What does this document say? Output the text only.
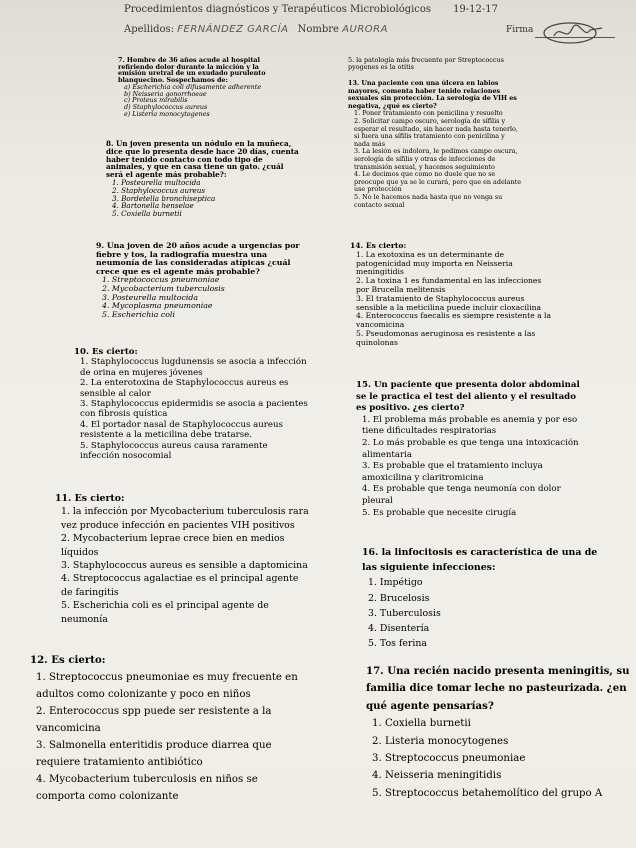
Procedimientos diagnósticos y Terapéuticos Microbiológicos 19-12-17
Apellidos: FERNÁNDEZ GARCÍA Nombre AURORA	Firma
7. Hombre de 36 años acude al hospital
refiriendo dolor durante la micción y la
emisión uretral de un exudado purulento
blanquecino. Sospechamos de:
a) Escherichia coli difusamente adherente
b) Neisseria gonorrhoeae
c) Proteus mirabilis
d) Staphylococcus aureus
e) Listeria monocytogenes
8. Un joven presenta un nódulo en la muñeca,
dice que lo presenta desde hace 20 días, cuenta
haber tenido contacto con todo tipo de
animales, y que en casa tiene un gato. ¿cuál
será el agente más probable?:
1. Posteurella multocida
2. Staphylococcus aureus
3. Bordetella bronchiseptica
4. Bartonella henselae
5. Coxiella burnetii
9. Una joven de 20 años acude a urgencias por
fiebre y tos, la radiografía muestra una
neumonía de las consideradas atípicas ¿cuál
crece que es el agente más probable?
1. Streptococcus pneumoniae
2. Mycobacterium tuberculosis
3. Posteurella multocida
4. Mycoplasma pneumoniae
5. Escherichia coli
10. Es cierto:
1. Staphylococcus lugdunensis se asocia a infección
de orina en mujeres jóvenes
2. La enterotoxina de Staphylococcus aureus es
sensible al calor
3. Staphylococcus epidermidis se asocia a pacientes
con fibrosis quística
4. El portador nasal de Staphylococcus aureus
resistente a la meticilina debe tratarse.
5. Staphylococcus aureus causa raramente
infección nosocomial
11. Es cierto:
1. la infección por Mycobacterium tuberculosis rara
vez produce infección en pacientes VIH positivos
2. Mycobacterium leprae crece bien en medios
líquidos
3. Staphylococcus aureus es sensible a daptomicina
4. Streptococcus agalactiae es el principal agente
de faringitis
5. Escherichia coli es el principal agente de
neumonía
12. Es cierto:
1. Streptococcus pneumoniae es muy frecuente en
adultos como colonizante y poco en niños
2. Enterococcus spp puede ser resistente a la
vancomicina
3. Salmonella enteritidis produce diarrea que
requiere tratamiento antibiótico
4. Mycobacterium tuberculosis en niños se
comporta como colonizante
5. la patología más frecuente por Streptococcus
pyogenes es la otitis
13. Una paciente con una úlcera en labios
mayores, comenta haber tenido relaciones
sexuales sin protección. La serología de VIH es
negativa, ¿qué es cierto?
1. Poner tratamiento con penicilina y resuelto
2. Solicitar campo oscuro, serología de sífilis y
esperar el resultado, sin hacer nada hasta tenerlo,
si fuera una sífilis tratamiento con penicilina y
nada más
3. La lesión es indolora, le pedimos campo oscura,
serología de sífilis y otras de infecciones de
transmisión sexual, y hacemos seguimiento
4. Le decimos que como no duele que no se
preocupe que ya se le curará, pero que en adelante
use protección
5. No le hacemos nada hasta que no venga su
contacto sexual
14. Es cierto:
1. La exotoxina es un determinante de
patogenicidad muy importa en Neisseria
meningitidis
2. La toxina 1 es fundamental en las infecciones
por Brucella melitensis
3. El tratamiento de Staphylococcus aureus
sensible a la meticilina puede incluir cloxacilina
4. Enterococcus faecalis es siempre resistente a la
vancomicina
5. Pseudomonas aeruginosa es resistente a las
quinolonas
15. Un paciente que presenta dolor abdominal
se le practica el test del aliento y el resultado
es positivo. ¿es cierto?
1. El problema más probable es anemia y por eso
tiene dificultades respiratorias
2. Lo más probable es que tenga una intoxicación
alimentaria
3. Es probable que el tratamiento incluya
amoxicilina y claritromicina
4. Es probable que tenga neumonía con dolor
pleural
5. Es probable que necesite cirugía
16. la linfocitosis es característica de una de
las siguiente infecciones:
1. Impétigo
2. Brucelosis
3. Tuberculosis
4. Disentería
5. Tos ferina
17. Una recién nacido presenta meningitis, su
familia dice tomar leche no pasteurizada. ¿en
qué agente pensarías?
1. Coxiella burnetii
2. Listeria monocytogenes
3. Streptococcus pneumoniae
4. Neisseria meningitidis
5. Streptococcus betahemolítico del grupo A
